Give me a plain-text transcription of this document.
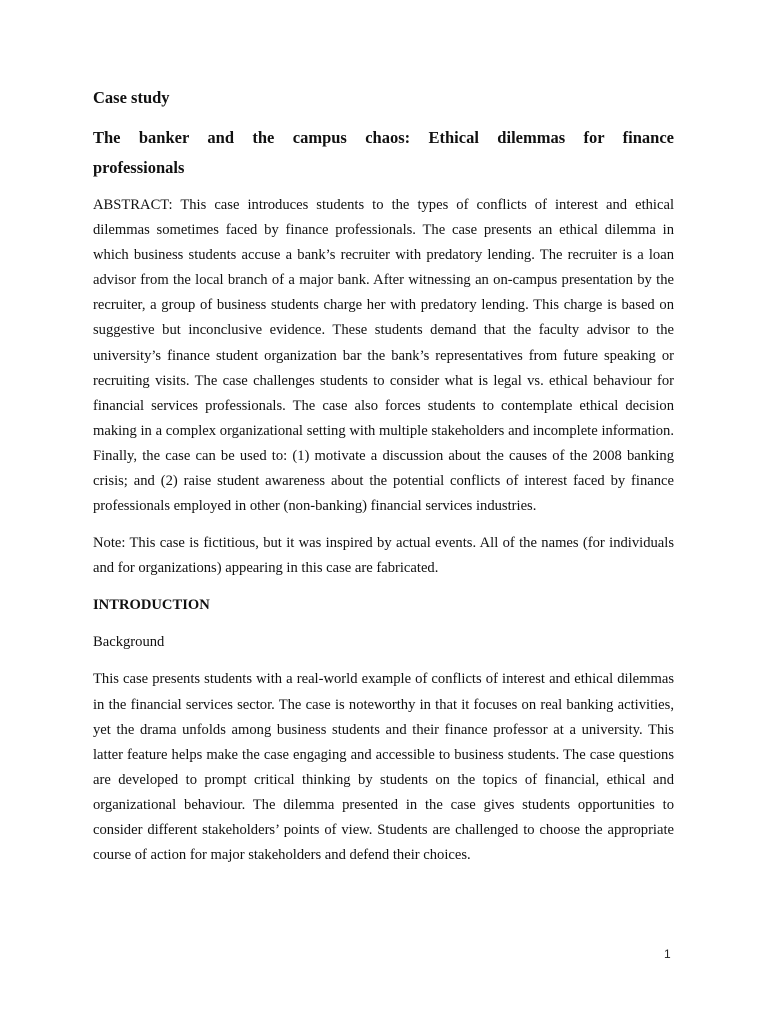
Case study
The banker and the campus chaos: Ethical dilemmas for finance professionals

ABSTRACT: This case introduces students to the types of conflicts of interest and ethical dilemmas sometimes faced by finance professionals. The case presents an ethical dilemma in which business students accuse a bank’s recruiter with predatory lending. The recruiter is a loan advisor from the local branch of a major bank. After witnessing an on-campus presentation by the recruiter, a group of business students charge her with predatory lending. This charge is based on suggestive but inconclusive evidence. These students demand that the faculty advisor to the university’s finance student organization bar the bank’s representatives from future speaking or recruiting visits. The case challenges students to consider what is legal vs. ethical behaviour for financial services professionals. The case also forces students to contemplate ethical decision making in a complex organizational setting with multiple stakeholders and incomplete information. Finally, the case can be used to: (1) motivate a discussion about the causes of the 2008 banking crisis; and (2) raise student awareness about the potential conflicts of interest faced by finance professionals employed in other (non-banking) financial services industries.

Note: This case is fictitious, but it was inspired by actual events. All of the names (for individuals and for organizations) appearing in this case are fabricated.

INTRODUCTION
Background

This case presents students with a real-world example of conflicts of interest and ethical dilemmas in the financial services sector. The case is noteworthy in that it focuses on real banking activities, yet the drama unfolds among business students and their finance professor at a university. This latter feature helps make the case engaging and accessible to business students. The case questions are developed to prompt critical thinking by students on the topics of financial, ethical and organizational behaviour. The dilemma presented in the case gives students opportunities to consider different stakeholders’ points of view. Students are challenged to choose the appropriate course of action for major stakeholders and defend their choices.

1
